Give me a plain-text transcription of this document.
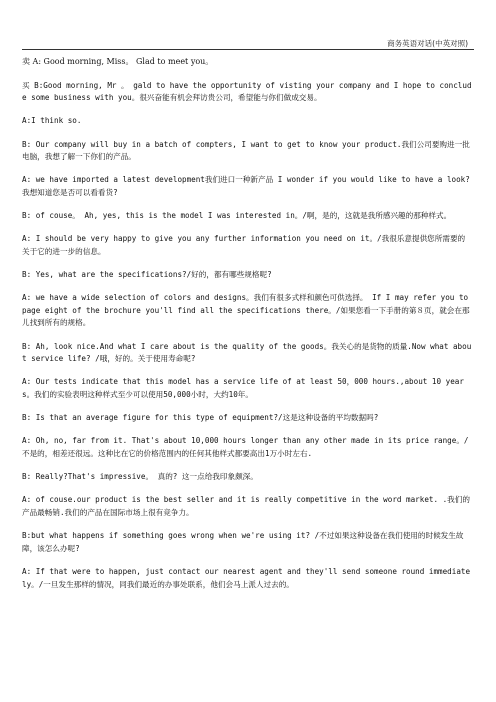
商务英语对话(中英对照)

卖 A: Good morning, Miss。 Glad to meet you。

买 B:Good morning, Mr 。 gald to have the opportunity of visting your company and I hope to conclude some business with you。很兴奋能有机会拜访贵公司，希望能与你们做成交易。

A:I think so.

B: Our company will buy in a batch of compters, I want to get to know your product.我们公司要购进一批电脑，我想了解一下你们的产品。

A: we have imported a latest development我们进口一种新产品 I wonder if you would like to have a look? 我想知道您是否可以看看货?

B: of couse。 Ah, yes, this is the model I was interested in。/啊，是的，这就是我所感兴趣的那种样式。

A: I should be very happy to give you any further information you need on it。/我很乐意提供您所需要的关于它的进一步的信息。

B: Yes, what are the specifications?/好的，都有哪些规格呢?

A: we have a wide selection of colors and designs。我们有很多式样和颜色可供选择。 If I may refer you to page eight of the brochure you'll find all the specifications there。/如果您看一下手册的第８页，就会在那儿找到所有的规格。

B: Ah, look nice.And what I care about is the quality of the goods。我关心的是货物的质量.Now what about service life? /哦，好的。关于使用寿命呢?

A: Our tests indicate that this model has a service life of at least 50，000 hours.,about 10 years。我们的实验表明这种样式至少可以使用50,000小时，大约10年。

B: Is that an average figure for this type of equipment?/这是这种设备的平均数据吗?

A: Oh, no, far from it. That's about 10,000 hours longer than any other made in its price range。/不是的，相差还很远。这种比在它的价格范围内的任何其他样式都要高出1万小时左右.

B: Really?That's impressive。 真的? 这一点给我印象颇深。

A: of couse.our product is the best seller and it is really competitive in the word market. .我们的产品最畅销.我们的产品在国际市场上很有竞争力。

B:but what happens if something goes wrong when we're using it? /不过如果这种设备在我们使用的时候发生故障，该怎么办呢?

A: If that were to happen, just contact our nearest agent and they'll send someone round immediately。/一旦发生那样的情况，同我们最近的办事处联系，他们会马上派人过去的。
